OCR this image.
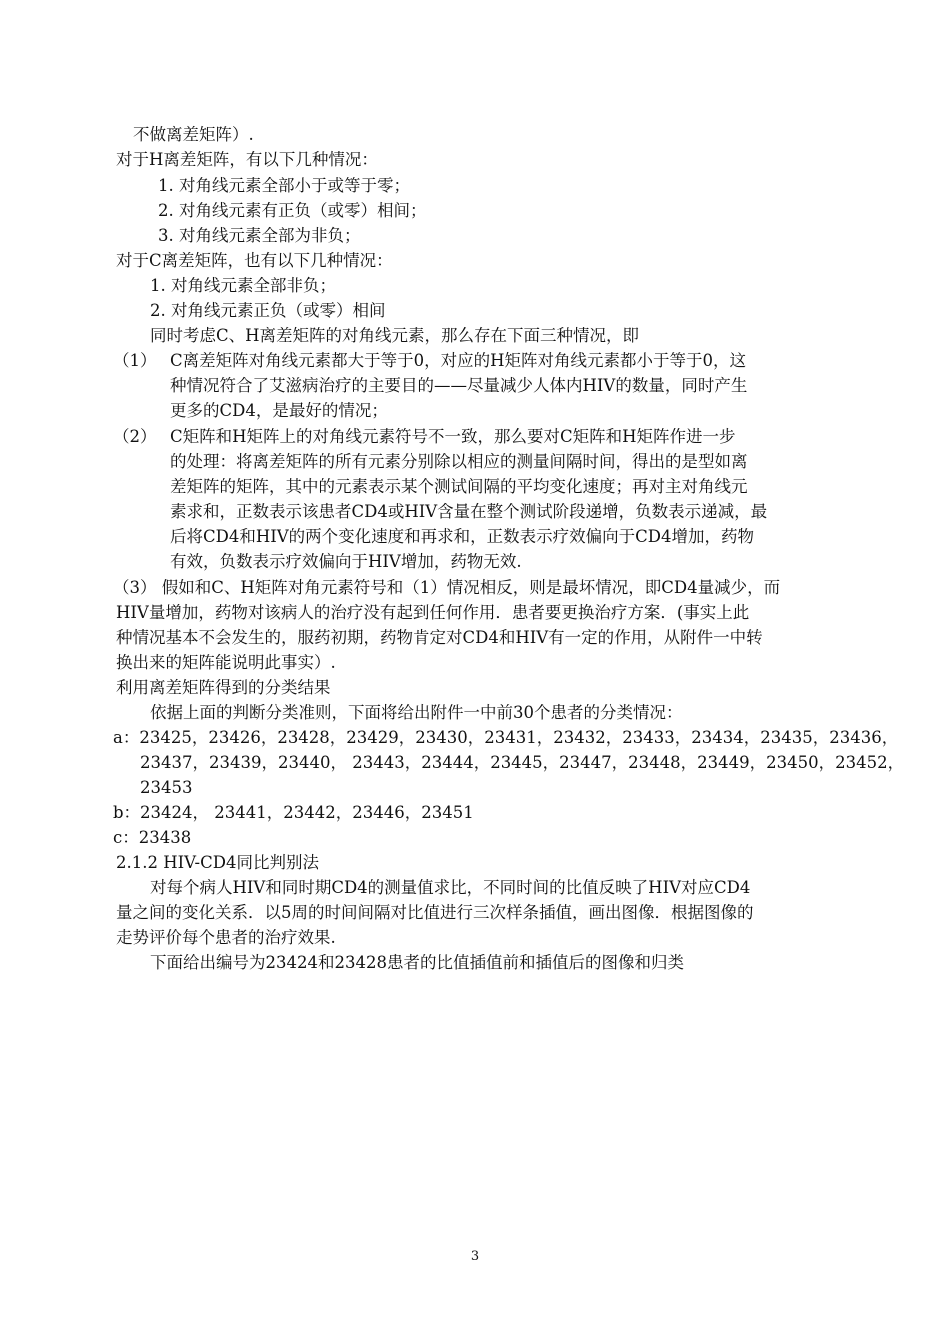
不做离差矩阵）.
对于H离差矩阵，有以下几种情况：
1. 对角线元素全部小于或等于零；
2. 对角线元素有正负（或零）相间；
3. 对角线元素全部为非负；
对于C离差矩阵，也有以下几种情况：
1. 对角线元素全部非负；
2. 对角线元素正负（或零）相间
同时考虑C、H离差矩阵的对角线元素，那么存在下面三种情况，即
（1） C离差矩阵对角线元素都大于等于0，对应的H矩阵对角线元素都小于等于0，这
种情况符合了艾滋病治疗的主要目的——尽量减少人体内HIV的数量，同时产生
更多的CD4，是最好的情况；
（2） C矩阵和H矩阵上的对角线元素符号不一致，那么要对C矩阵和H矩阵作进一步
的处理：将离差矩阵的所有元素分别除以相应的测量间隔时间，得出的是型如离
差矩阵的矩阵，其中的元素表示某个测试间隔的平均变化速度；再对主对角线元
素求和，正数表示该患者CD4或HIV含量在整个测试阶段递增，负数表示递减，最
后将CD4和HIV的两个变化速度和再求和，正数表示疗效偏向于CD4增加，药物
有效，负数表示疗效偏向于HIV增加，药物无效.
（3） 假如和C、H矩阵对角元素符号和（1）情况相反，则是最坏情况，即CD4量减少，而
HIV量增加，药物对该病人的治疗没有起到任何作用．患者要更换治疗方案．(事实上此
种情况基本不会发生的，服药初期，药物肯定对CD4和HIV有一定的作用，从附件一中转
换出来的矩阵能说明此事实）.
利用离差矩阵得到的分类结果
依据上面的判断分类准则，下面将给出附件一中前30个患者的分类情况：
a：23425，23426，23428，23429，23430，23431，23432，23433，23434，23435，23436，
23437，23439，23440， 23443，23444，23445，23447，23448，23449，23450，23452，
23453
b：23424， 23441，23442，23446，23451
c：23438
2.1.2 HIV-CD4同比判别法
对每个病人HIV和同时期CD4的测量值求比，不同时间的比值反映了HIV对应CD4
量之间的变化关系．以5周的时间间隔对比值进行三次样条插值，画出图像．根据图像的
走势评价每个患者的治疗效果.
下面给出编号为23424和23428患者的比值插值前和插值后的图像和归类
3
